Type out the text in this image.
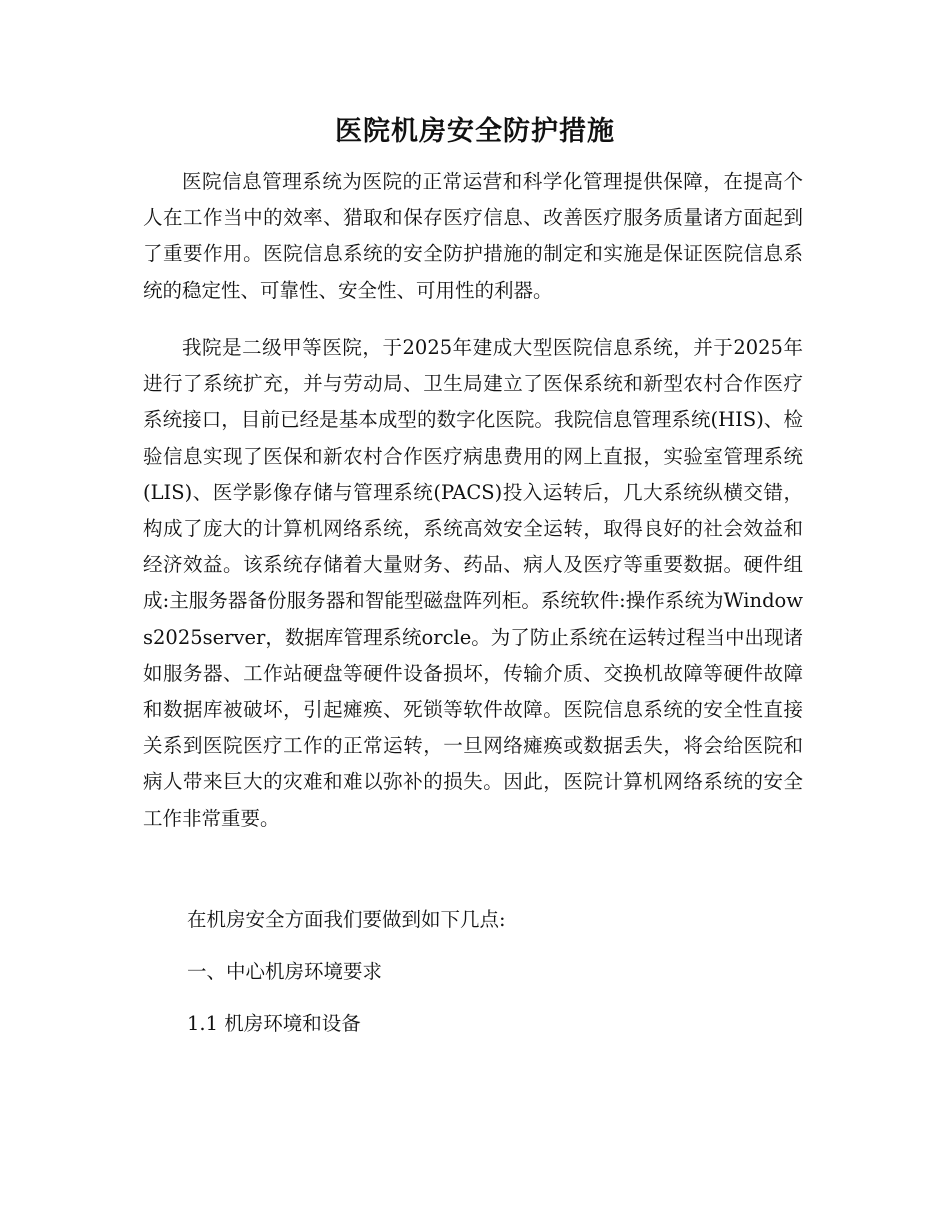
医院机房安全防护措施

医院信息管理系统为医院的正常运营和科学化管理提供保障，在提高个人在工作当中的效率、猎取和保存医疗信息、改善医疗服务质量诸方面起到了重要作用。医院信息系统的安全防护措施的制定和实施是保证医院信息系统的稳定性、可靠性、安全性、可用性的利器。

我院是二级甲等医院，于2025年建成大型医院信息系统，并于2025年进行了系统扩充，并与劳动局、卫生局建立了医保系统和新型农村合作医疗系统接口，目前已经是基本成型的数字化医院。我院信息管理系统(HIS)、检验信息实现了医保和新农村合作医疗病患费用的网上直报，实验室管理系统(LIS)、医学影像存储与管理系统(PACS)投入运转后，几大系统纵横交错，构成了庞大的计算机网络系统，系统高效安全运转，取得良好的社会效益和经济效益。该系统存储着大量财务、药品、病人及医疗等重要数据。硬件组成:主服务器备份服务器和智能型磁盘阵列柜。系统软件:操作系统为Windows2025server，数据库管理系统orcle。为了防止系统在运转过程当中出现诸如服务器、工作站硬盘等硬件设备损坏，传输介质、交换机故障等硬件故障和数据库被破坏，引起瘫痪、死锁等软件故障。医院信息系统的安全性直接关系到医院医疗工作的正常运转，一旦网络瘫痪或数据丢失，将会给医院和病人带来巨大的灾难和难以弥补的损失。因此，医院计算机网络系统的安全工作非常重要。

在机房安全方面我们要做到如下几点:

一、中心机房环境要求

1.1 机房环境和设备
